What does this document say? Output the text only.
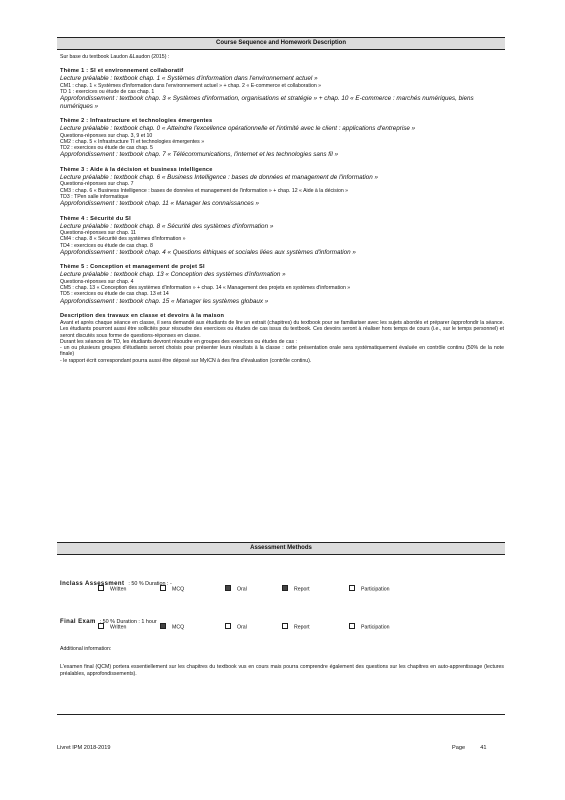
Course Sequence and Homework Description
Sur base du textbook Laudon &Laudon (2015) :
Thème 1 : SI et environnement collaboratif
Lecture préalable : textbook chap. 1 « Systèmes d'information dans l'environnement actuel »
CM1 : chap. 1 « Systèmes d'information dans l'environnement actuel » + chap. 2 « E-commerce et collaboration »
TD 1 : exercices ou étude de cas chap. 1
Approfondissement : textbook chap. 3 « Systèmes d'information, organisations et stratégie » + chap. 10 « E-commerce : marchés numériques, biens numériques »
Thème 2 : Infrastructure et technologies émergentes
Lecture préalable : textbook chap. 0 « Atteindre l'excellence opérationnelle et l'intimité avec le client : applications d'entreprise »
Questions-réponses sur chap. 3, 9 et 10
CM2 : chap. 5 « Infrastructure TI et technologies émergentes »
TD2 : exercices ou étude de cas chap. 5
Approfondissement : textbook chap. 7 « Télécommunications, l'internet et les technologies sans fil »
Thème 3 : Aide à la décision et business intelligence
Lecture préalable : textbook chap. 6 « Business Intelligence : bases de données et management de l'information »
Questions-réponses sur chap. 7
CM3 : chap. 6 « Business Intelligence : bases de données et management de l'information » + chap. 12 « Aide à la décision »
TD3 : TPen salle informatique
Approfondissement : textbook chap. 11 « Manager les connaissances »
Thème 4 : Sécurité du SI
Lecture préalable : textbook chap. 8 « Sécurité des systèmes d'information »
Questions-réponses sur chap. 11
CM4 : chap. 8 « Sécurité des systèmes d'information »
TD4 : exercices ou étude de cas chap. 8
Approfondissement : textbook chap. 4 « Questions éthiques et sociales liées aux systèmes d'information »
Thème 5 : Conception et management de projet SI
Lecture préalable : textbook chap. 13 « Conception des systèmes d'information »
Questions-réponses sur chap. 4
CM5 : chap. 13 « Conception des systèmes d'information » + chap. 14 « Management des projets en systèmes d'information »
TD5 : exercices ou étude de cas chap. 13 et 14
Approfondissement : textbook chap. 15 « Manager les systèmes globaux »
Description des travaux en classe et devoirs à la maison
Avant et après chaque séance en classe, il sera demandé aux étudiants de lire un extrait (chapitres) du textbook pour se familiariser avec les sujets abordés et préparer /approfondir la séance. Les étudiants pourront aussi être sollicités pour résoudre des exercices ou études de cas issus du textbook. Ces devoirs seront à réaliser hors temps de cours (i.e., sur le temps personnel) et seront discutés sous forme de questions-réponses en classe.
Durant les séances de TD, les étudiants devront résoudre en groupes des exercices ou études de cas :
- un ou plusieurs groupes d'étudiants seront choisis pour présenter leurs résultats à la classe : cette présentation orale sera systématiquement évaluée en contrôle continu (50% de la note finale)
- le rapport écrit correspondant pourra aussi être déposé sur MyICN à des fins d'évaluation (contrôle continu).
Assessment Methods
Inclass Assessment : 50 % Duration : -
Written	MCQ	Oral	Report	Participation
Final Exam : 50 % Duration : 1 hour
Written	MCQ	Oral	Report	Participation
Additional information:
L'examen final (QCM) portera essentiellement sur les chapitres du textbook vus en cours mais pourra comprendre également des questions sur les chapitres en auto-apprentissage (lectures préalables, approfondissements).
Livret IPM 2018-2019	Page	41
